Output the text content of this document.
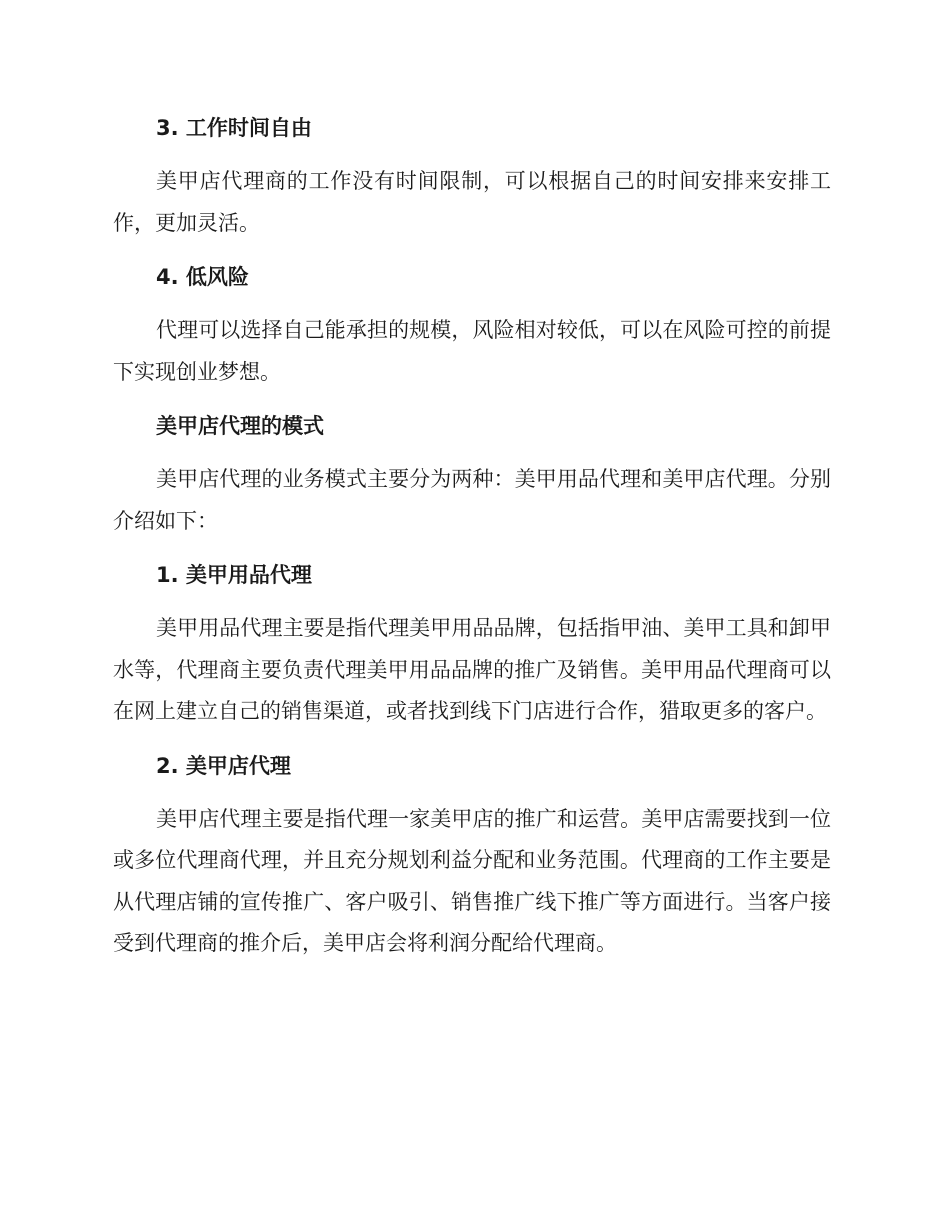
3. 工作时间自由
美甲店代理商的工作没有时间限制，可以根据自己的时间安排来安排工作，更加灵活。
4. 低风险
代理可以选择自己能承担的规模，风险相对较低，可以在风险可控的前提下实现创业梦想。
美甲店代理的模式
美甲店代理的业务模式主要分为两种：美甲用品代理和美甲店代理。分别介绍如下：
1. 美甲用品代理
美甲用品代理主要是指代理美甲用品品牌，包括指甲油、美甲工具和卸甲水等，代理商主要负责代理美甲用品品牌的推广及销售。美甲用品代理商可以在网上建立自己的销售渠道，或者找到线下门店进行合作，猎取更多的客户。
2. 美甲店代理
美甲店代理主要是指代理一家美甲店的推广和运营。美甲店需要找到一位或多位代理商代理，并且充分规划利益分配和业务范围。代理商的工作主要是从代理店铺的宣传推广、客户吸引、销售推广线下推广等方面进行。当客户接受到代理商的推介后，美甲店会将利润分配给代理商。
